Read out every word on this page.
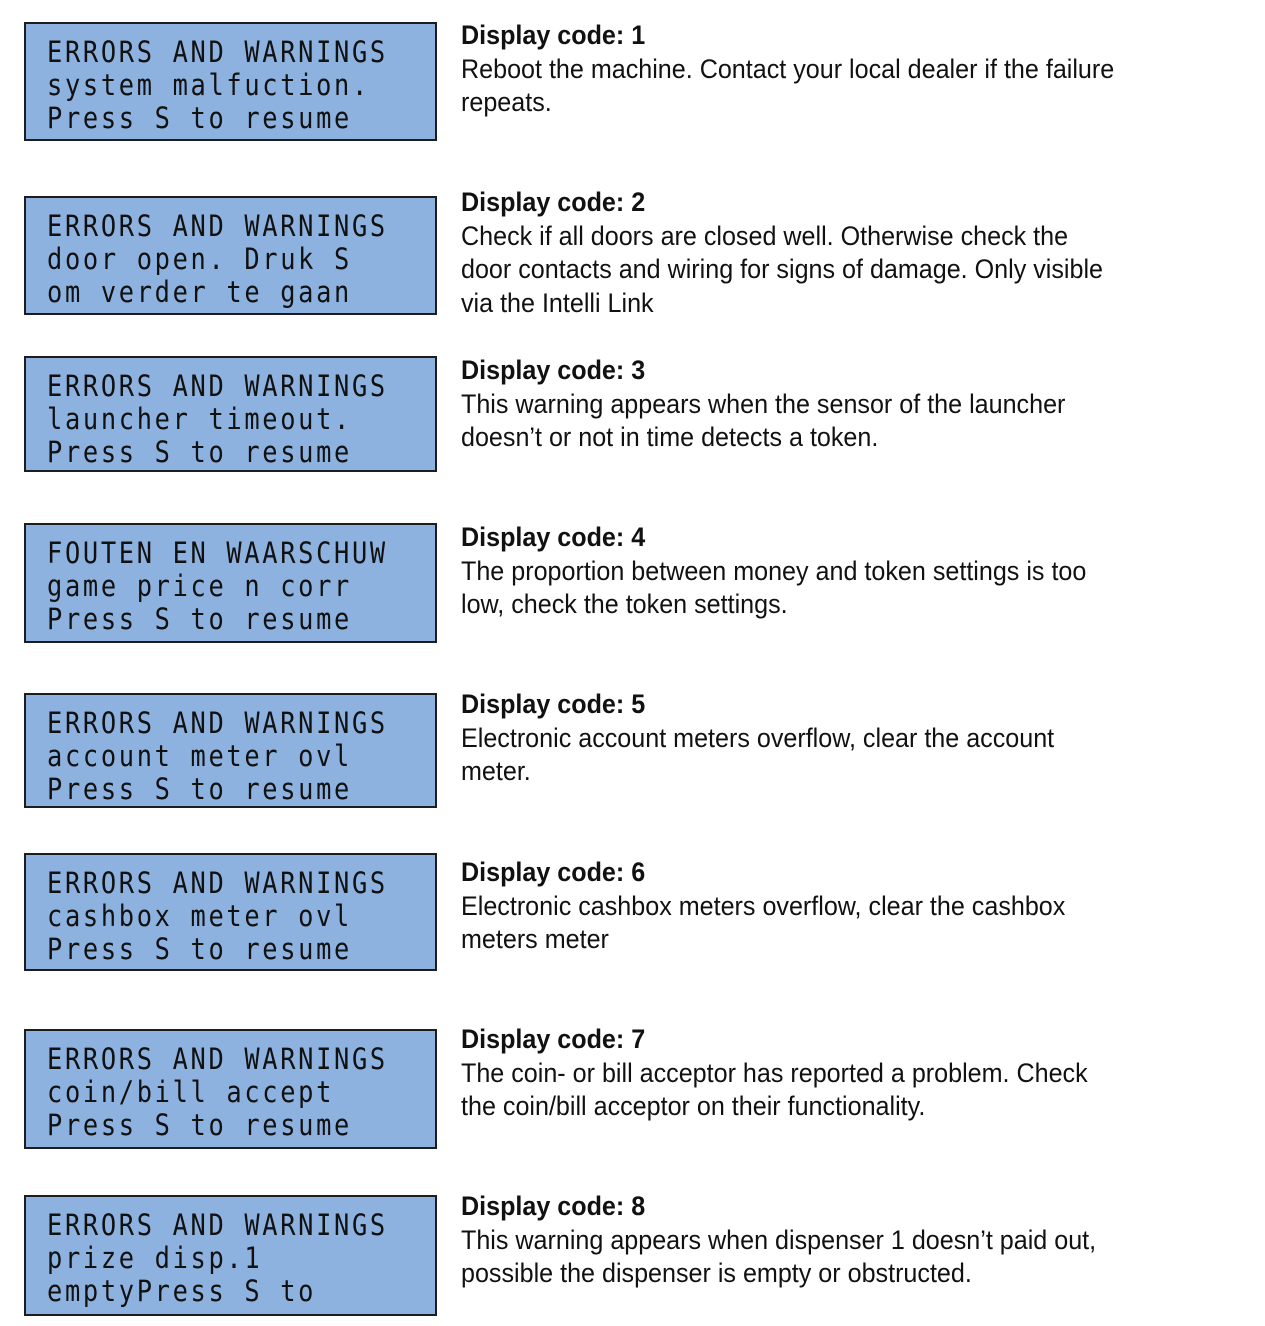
ERRORS AND WARNINGS
system malfuction.
Press S to resume
Display code: 1
Reboot the machine. Contact your local dealer if the failure
repeats.
ERRORS AND WARNINGS
door open. Druk S
om verder te gaan
Display code: 2
Check if all doors are closed well. Otherwise check the
door contacts and wiring for signs of damage. Only visible
via the Intelli Link
ERRORS AND WARNINGS
launcher timeout.
Press S to resume
Display code: 3
This warning appears when the sensor of the launcher
doesn’t or not in time detects a token.
FOUTEN EN WAARSCHUW
game price n corr
Press S to resume
Display code: 4
The proportion between money and token settings is too
low, check the token settings.
ERRORS AND WARNINGS
account meter ovl
Press S to resume
Display code: 5
Electronic account meters overflow, clear the account
meter.
ERRORS AND WARNINGS
cashbox meter ovl
Press S to resume
Display code: 6
Electronic cashbox meters overflow, clear the cashbox
meters meter
ERRORS AND WARNINGS
coin/bill accept
Press S to resume
Display code: 7
The coin- or bill acceptor has reported a problem. Check
the coin/bill acceptor on their functionality.
ERRORS AND WARNINGS
prize disp.1
emptyPress S to
Display code: 8
This warning appears when dispenser 1 doesn’t paid out,
possible the dispenser is empty or obstructed.
